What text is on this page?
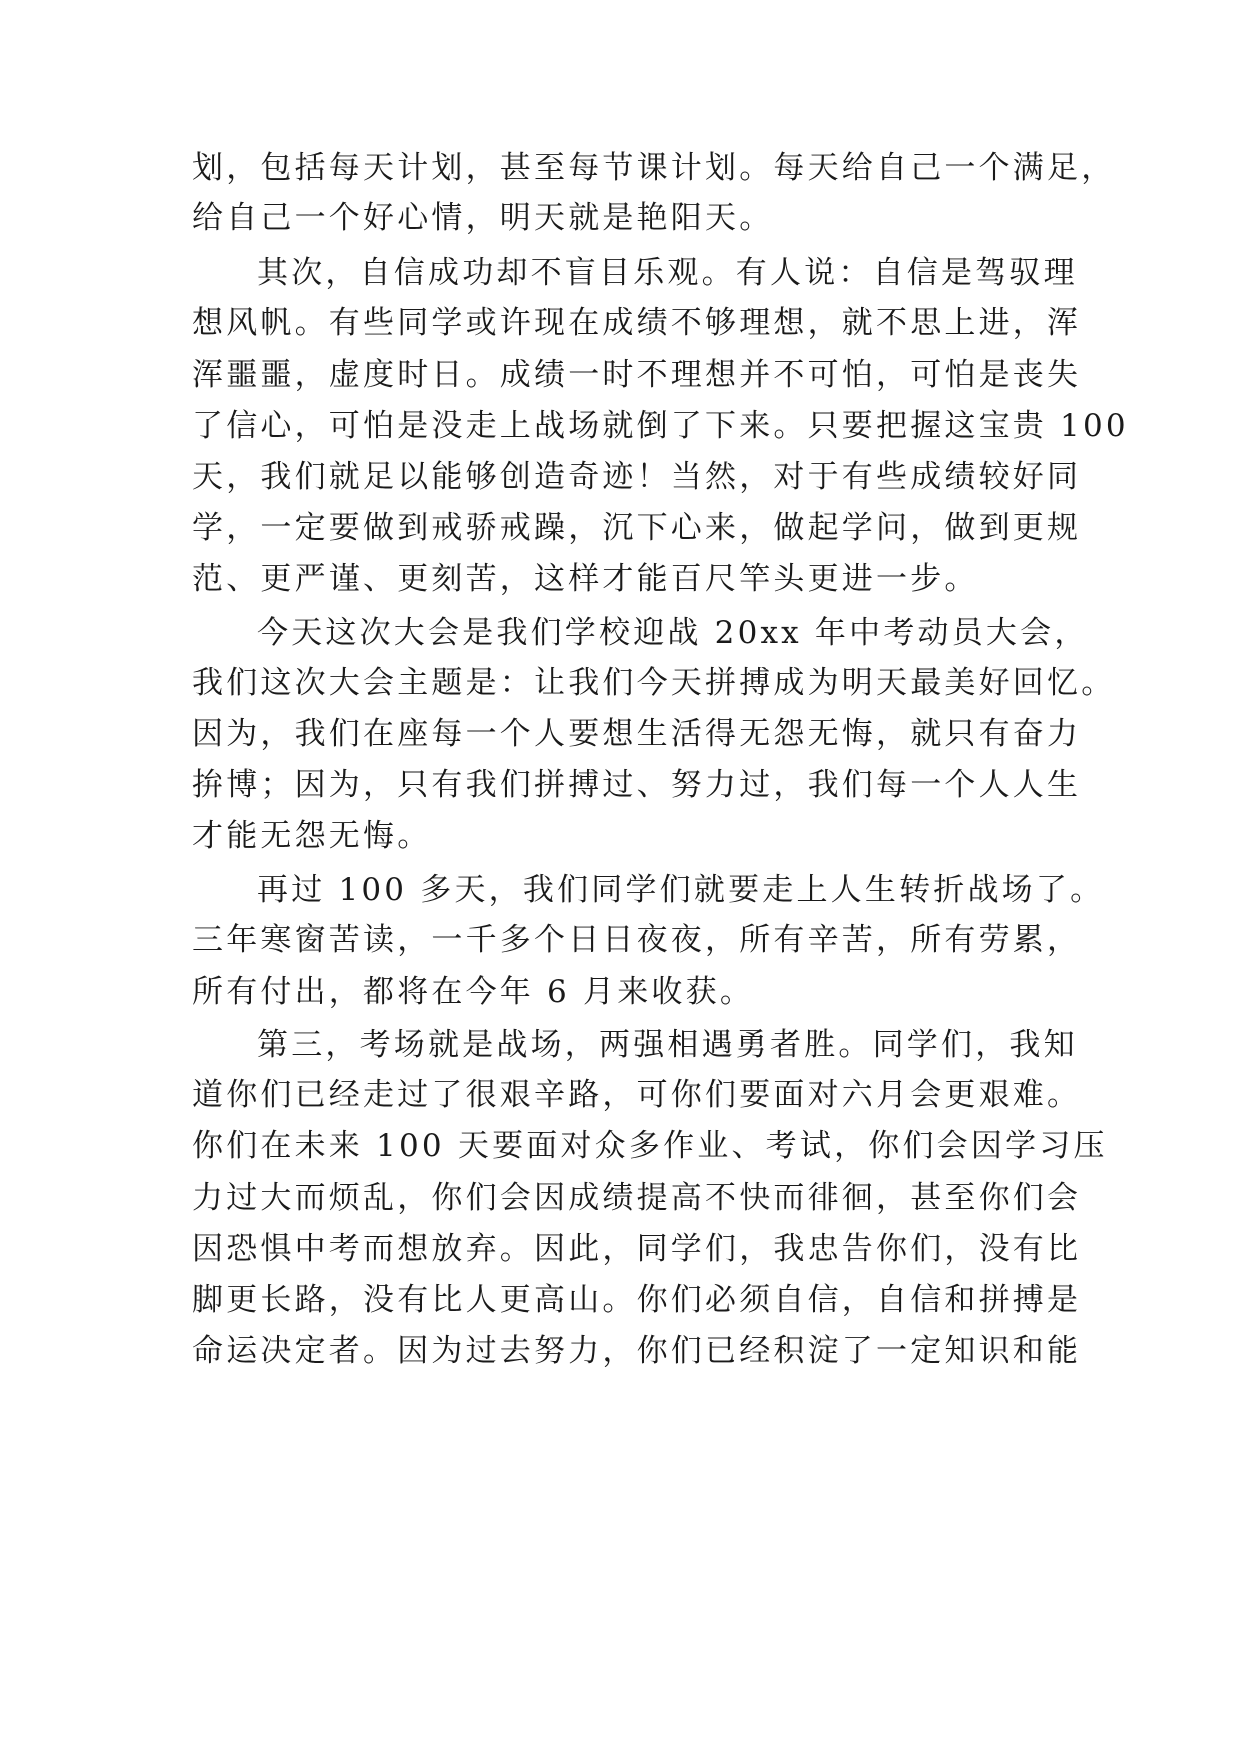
划，包括每天计划，甚至每节课计划。每天给自己一个满足，
给自己一个好心情，明天就是艳阳天。
其次，自信成功却不盲目乐观。有人说：自信是驾驭理
想风帆。有些同学或许现在成绩不够理想，就不思上进，浑
浑噩噩，虚度时日。成绩一时不理想并不可怕，可怕是丧失
了信心，可怕是没走上战场就倒了下来。只要把握这宝贵 100
天，我们就足以能够创造奇迹！当然，对于有些成绩较好同
学，一定要做到戒骄戒躁，沉下心来，做起学问，做到更规
范、更严谨、更刻苦，这样才能百尺竿头更进一步。
今天这次大会是我们学校迎战 20xx 年中考动员大会，
我们这次大会主题是：让我们今天拼搏成为明天最美好回忆。
因为，我们在座每一个人要想生活得无怨无悔，就只有奋力
拚博；因为，只有我们拼搏过、努力过，我们每一个人人生
才能无怨无悔。
再过 100 多天，我们同学们就要走上人生转折战场了。
三年寒窗苦读，一千多个日日夜夜，所有辛苦，所有劳累，
所有付出，都将在今年 6 月来收获。
第三，考场就是战场，两强相遇勇者胜。同学们，我知
道你们已经走过了很艰辛路，可你们要面对六月会更艰难。
你们在未来 100 天要面对众多作业、考试，你们会因学习压
力过大而烦乱，你们会因成绩提高不快而徘徊，甚至你们会
因恐惧中考而想放弃。因此，同学们，我忠告你们，没有比
脚更长路，没有比人更高山。你们必须自信，自信和拼搏是
命运决定者。因为过去努力，你们已经积淀了一定知识和能
